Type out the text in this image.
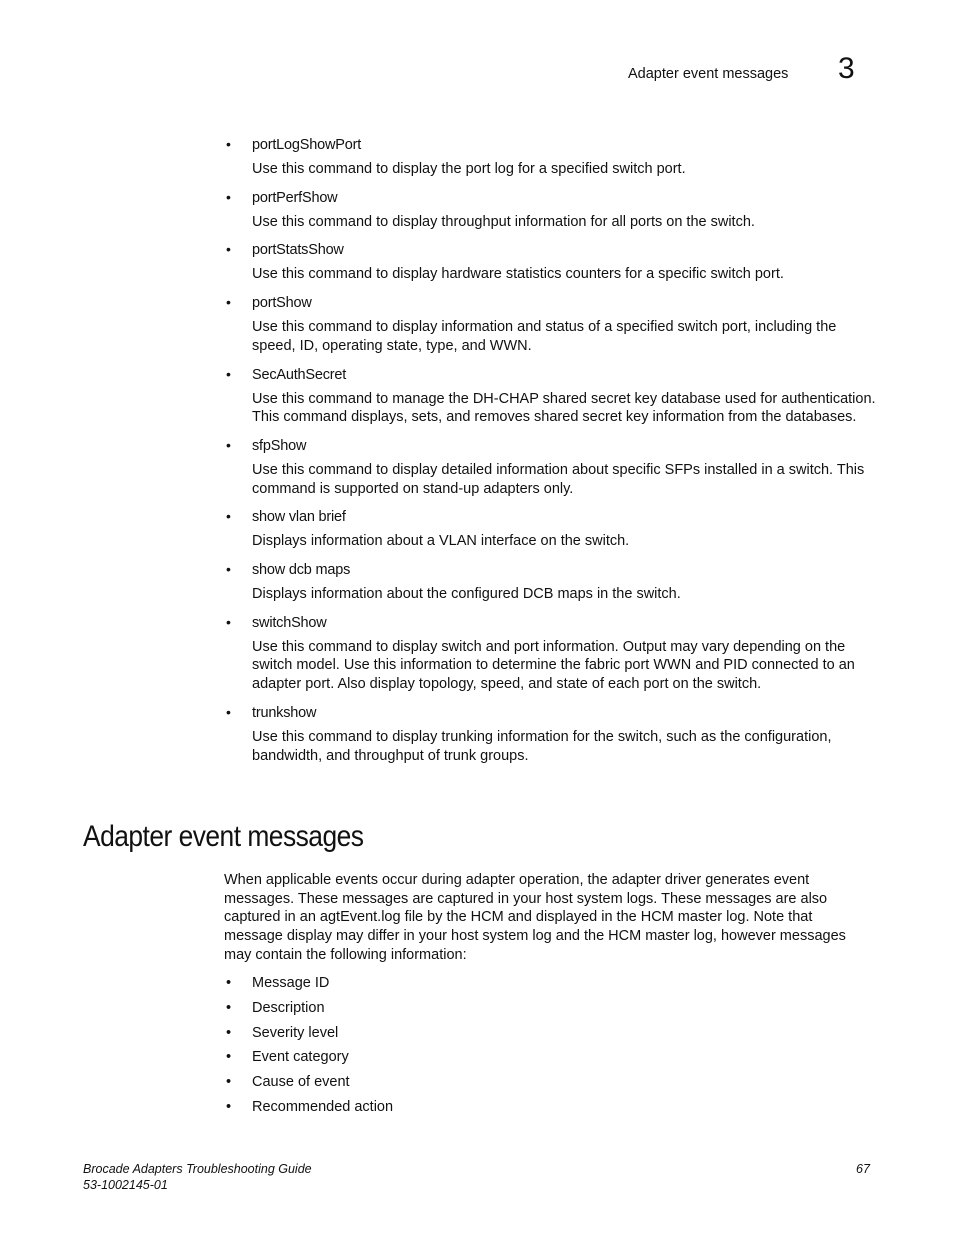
Adapter event messages 3
• portLogShowPort
Use this command to display the port log for a specified switch port.
• portPerfShow
Use this command to display throughput information for all ports on the switch.
• portStatsShow
Use this command to display hardware statistics counters for a specific switch port.
• portShow
Use this command to display information and status of a specified switch port, including the speed, ID, operating state, type, and WWN.
• SecAuthSecret
Use this command to manage the DH-CHAP shared secret key database used for authentication. This command displays, sets, and removes shared secret key information from the databases.
• sfpShow
Use this command to display detailed information about specific SFPs installed in a switch. This command is supported on stand-up adapters only.
• show vlan brief
Displays information about a VLAN interface on the switch.
• show dcb maps
Displays information about the configured DCB maps in the switch.
• switchShow
Use this command to display switch and port information. Output may vary depending on the switch model. Use this information to determine the fabric port WWN and PID connected to an adapter port. Also display topology, speed, and state of each port on the switch.
• trunkshow
Use this command to display trunking information for the switch, such as the configuration, bandwidth, and throughput of trunk groups.
Adapter event messages

When applicable events occur during adapter operation, the adapter driver generates event messages. These messages are captured in your host system logs. These messages are also captured in an agtEvent.log file by the HCM and displayed in the HCM master log. Note that message display may differ in your host system log and the HCM master log, however messages may contain the following information:

• Message ID
• Description
• Severity level
• Event category
• Cause of event
• Recommended action
Brocade Adapters Troubleshooting Guide
53-1002145-01
67
